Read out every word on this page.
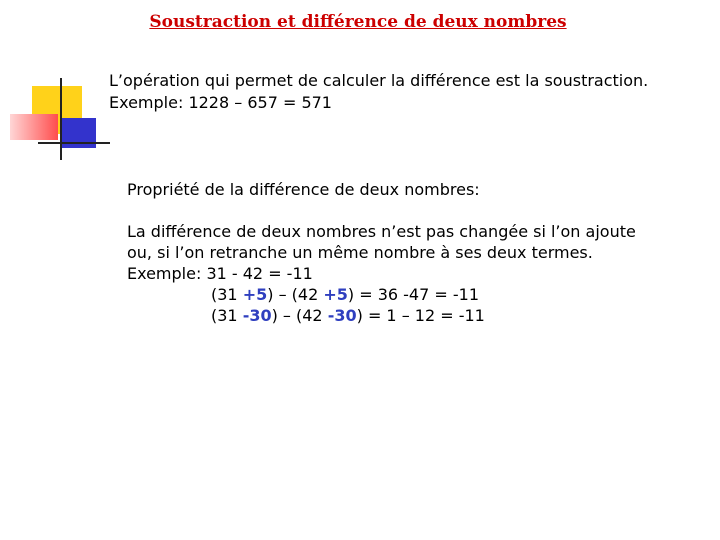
Soustraction et différence de deux nombres
L’opération qui permet de calculer la différence est la soustraction.
Exemple: 1228 – 657 = 571
Propriété de la différence de deux nombres:
La différence de deux nombres n’est pas changée si l’on ajoute
ou, si l’on retranche un même nombre à ses deux termes.
Exemple: 31 - 42 = -11
(31 +5) – (42 +5) = 36 -47 = -11
(31 -30) – (42 -30) = 1 – 12 = -11
